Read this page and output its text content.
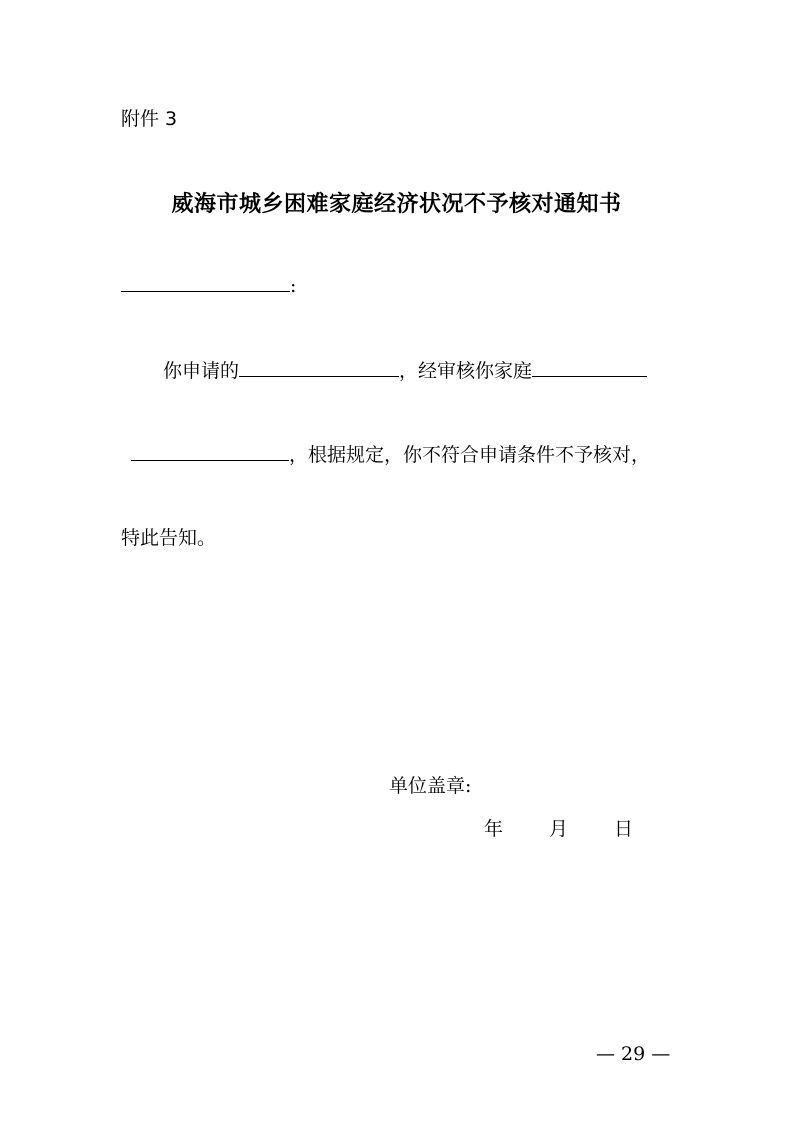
附件 3
威海市城乡困难家庭经济状况不予核对通知书
:
你申请的	，经审核你家庭
，根据规定，你不符合申请条件不予核对，
特此告知。
单位盖章:
年 月 日
— 29 —
